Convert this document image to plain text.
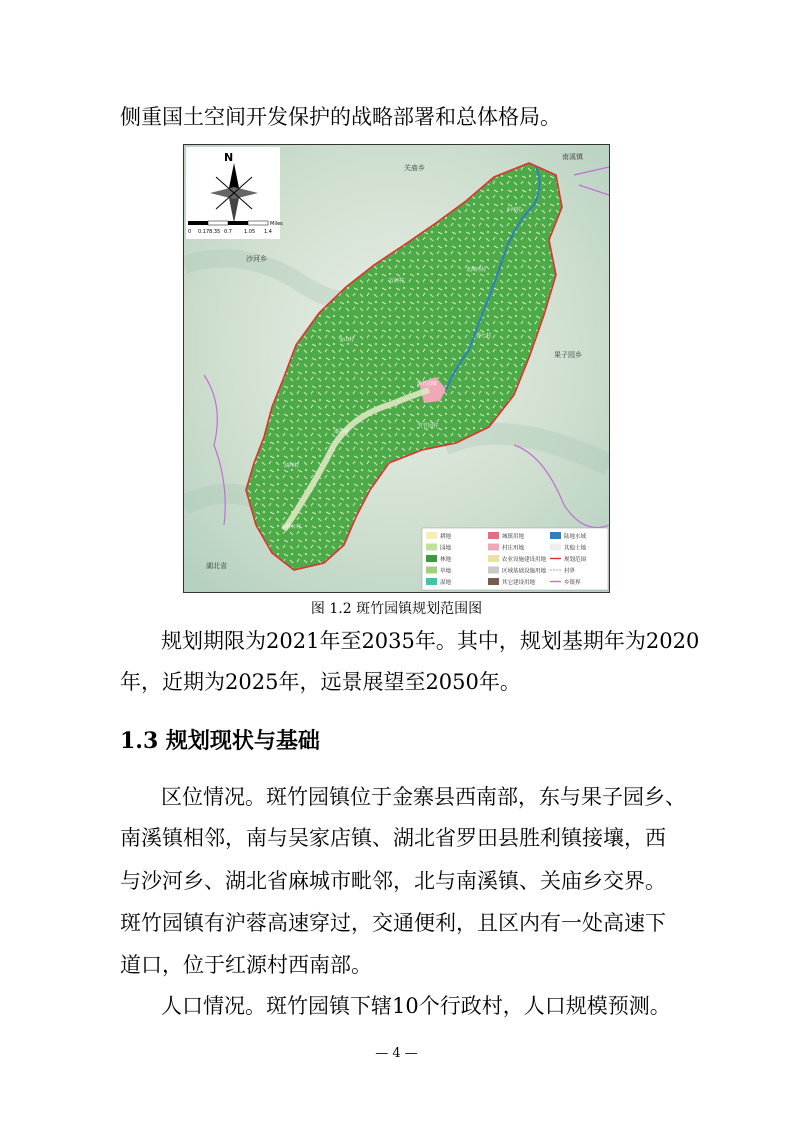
侧重国土空间开发保护的战略部署和总体格局。
关庙乡
南溪镇
沙河乡
果子园乡
湖北省
小河村
龙潭河村
万河村
金山村
香七村
斑竹园镇
竹竹园村
漆店村
油冲村
东林公村
N
Miles
0 0.178.35 0.7 1.05 1.4
耕地
园地
林地
草地
湿地
城镇用地
村庄用地
农业设施建设用地
区域基础设施用地
其它建设用地
陆地水域
其他土地
规划范围
村界
乡镇界
图 1.2 斑竹园镇规划范围图
规划期限为2021年至2035年。其中，规划基期年为2020
年，近期为2025年，远景展望至2050年。
1.3 规划现状与基础
区位情况。斑竹园镇位于金寨县西南部，东与果子园乡、
南溪镇相邻，南与吴家店镇、湖北省罗田县胜利镇接壤，西
与沙河乡、湖北省麻城市毗邻，北与南溪镇、关庙乡交界。
斑竹园镇有沪蓉高速穿过，交通便利，且区内有一处高速下
道口，位于红源村西南部。
人口情况。斑竹园镇下辖10个行政村，人口规模预测。
— 4 —
